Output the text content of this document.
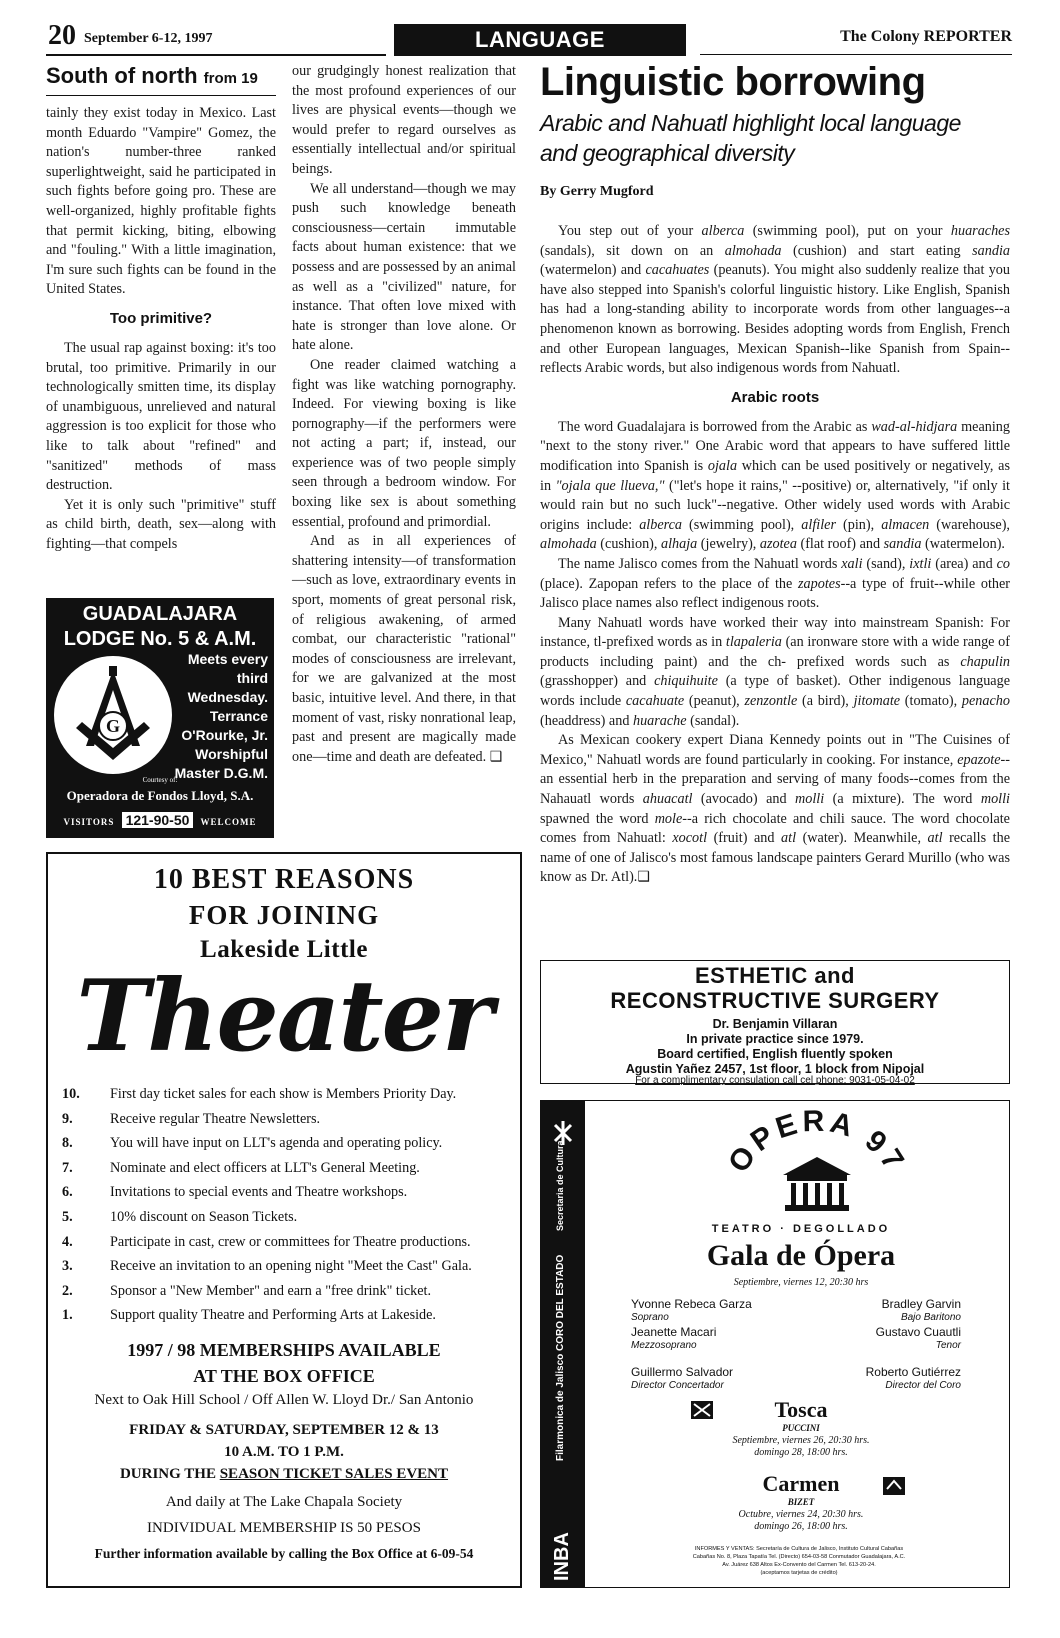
20 September 6-12, 1997	LANGUAGE	The Colony REPORTER
South of north from 19

tainly they exist today in Mexico. Last month Eduardo "Vampire" Gomez, the nation's number-three ranked superlightweight, said he participated in such fights before going pro. These are well-organized, highly profitable fights that permit kicking, biting, elbowing and "fouling." With a little imagination, I'm sure such fights can be found in the United States.

Too primitive?

The usual rap against boxing: it's too brutal, too primitive. Primarily in our technologically smitten time, its display of unambiguous, unrelieved and natural aggression is too explicit for those who like to talk about "refined" and "sanitized" methods of mass destruction.

Yet it is only such "primitive" stuff as child birth, death, sex—along with fighting—that compels

GUADALAJARA
LODGE No. 5 & A.M.
G
Meets every
third
Wednesday.
Terrance
O'Rourke, Jr.
Worshipful
Master D.G.M.
Courtesy of:
Operadora de Fondos Lloyd, S.A.
VISITORS 121-90-50 WELCOME

our grudgingly honest realization that the most profound experiences of our lives are physical events—though we would prefer to regard ourselves as essentially intellectual and/or spiritual beings.

We all understand—though we may push such knowledge beneath consciousness—certain immutable facts about human existence: that we possess and are possessed by an animal as well as a "civilized" nature, for instance. That often love mixed with hate is stronger than love alone. Or hate alone.

One reader claimed watching a fight was like watching pornography. Indeed. For viewing boxing is like pornography—if the performers were not acting a part; if, instead, our experience was of two people simply seen through a bedroom window. For boxing like sex is about something essential, profound and primordial.

And as in all experiences of shattering intensity—of transformation—such as love, extraordinary events in sport, moments of great personal risk, of religious awakening, of armed combat, our characteristic "rational" modes of consciousness are irrelevant, for we are galvanized at the most basic, intuitive level. And there, in that moment of vast, risky nonrational leap, past and present are magically made one—time and death are defeated. ❑

10 BEST REASONS
FOR JOINING
Lakeside Little
Theater
10.	First day ticket sales for each show is Members Priority Day.
9.	Receive regular Theatre Newsletters.
8.	You will have input on LLT's agenda and operating policy.
7.	Nominate and elect officers at LLT's General Meeting.
6.	Invitations to special events and Theatre workshops.
5.	10% discount on Season Tickets.
4.	Participate in cast, crew or committees for Theatre productions.
3.	Receive an invitation to an opening night "Meet the Cast" Gala.
2.	Sponsor a "New Member" and earn a "free drink" ticket.
1.	Support quality Theatre and Performing Arts at Lakeside.
1997 / 98 MEMBERSHIPS AVAILABLE
AT THE BOX OFFICE
Next to Oak Hill School / Off Allen W. Lloyd Dr./ San Antonio
FRIDAY & SATURDAY, SEPTEMBER 12 & 13
10 A.M. TO 1 P.M.
DURING THE SEASON TICKET SALES EVENT
And daily at The Lake Chapala Society
INDIVIDUAL MEMBERSHIP IS 50 PESOS
Further information available by calling the Box Office at 6-09-54
Linguistic borrowing
Arabic and Nahuatl highlight local language and geographical diversity
By Gerry Mugford

You step out of your alberca (swimming pool), put on your huaraches (sandals), sit down on an almohada (cushion) and start eating sandia (watermelon) and cacahuates (peanuts). You might also suddenly realize that you have also stepped into Spanish's colorful linguistic history. Like English, Spanish has had a long-standing ability to incorporate words from other languages--a phenomenon known as borrowing. Besides adopting words from English, French and other European languages, Mexican Spanish--like Spanish from Spain--reflects Arabic words, but also indigenous words from Nahuatl.

Arabic roots

The word Guadalajara is borrowed from the Arabic as wad-al-hidjara meaning "next to the stony river." One Arabic word that appears to have suffered little modification into Spanish is ojala which can be used positively or negatively, as in "ojala que llueva," ("let's hope it rains," --positive) or, alternatively, "if only it would rain but no such luck"--negative. Other widely used words with Arabic origins include: alberca (swimming pool), alfiler (pin), almacen (warehouse), almohada (cushion), alhaja (jewelry), azotea (flat roof) and sandia (watermelon).

The name Jalisco comes from the Nahuatl words xali (sand), ixtli (area) and co (place). Zapopan refers to the place of the zapotes--a type of fruit--while other Jalisco place names also reflect indigenous roots.

Many Nahuatl words have worked their way into mainstream Spanish: For instance, tl-prefixed words as in tlapaleria (an ironware store with a wide range of products including paint) and the ch- prefixed words such as chapulin (grasshopper) and chiquihuite (a type of basket). Other indigenous language words include cacahuate (peanut), zenzontle (a bird), jitomate (tomato), penacho (headdress) and huarache (sandal).

As Mexican cookery expert Diana Kennedy points out in "The Cuisines of Mexico," Nahuatl words are found particularly in cooking. For instance, epazote--an essential herb in the preparation and serving of many foods--comes from the Nahauatl words ahuacatl (avocado) and molli (a mixture). The word molli spawned the word mole--a rich chocolate and chili sauce. The word chocolate comes from Nahuatl: xocotl (fruit) and atl (water). Meanwhile, atl recalls the name of one of Jalisco's most famous landscape painters Gerard Murillo (who was know as Dr. Atl).❑

ESTHETIC and
RECONSTRUCTIVE SURGERY
Dr. Benjamin Villaran
In private practice since 1979.
Board certified, English fluently spoken
Agustin Yañez 2457, 1st floor, 1 block from Nipojal
For a complimentary consulation call cel phone: 9031-05-04-02
INBA
Filarmonica de Jalisco
CORO DEL ESTADO
Secretaria de Cultura	OPERA 97
TEATRO · DEGOLLADO
Gala de Ópera
Septiembre, viernes 12, 20:30 hrs
Yvonne Rebeca Garza
Soprano
Bradley Garvin
Bajo Baritono
Jeanette Macari
Mezzosoprano
Gustavo Cuautli
Tenor
Guillermo Salvador
Director Concertador
Roberto Gutiérrez
Director del Coro
Tosca
PUCCINI
Septiembre, viernes 26, 20:30 hrs.
domingo 28, 18:00 hrs.
Carmen
BIZET
Octubre, viernes 24, 20:30 hrs.
domingo 26, 18:00 hrs.
INFORMES Y VENTAS: Secretaría de Cultura de Jalisco, Instituto Cultural Cabañas
Cabañas No. 8, Plaza Tapatía Tel. (Directo) 654-03-58 Conmutador Guadalajara, A.C.
Av. Juárez 638 Altos Ex-Convento del Carmen Tel. 613-20-24.
(aceptamos tarjetas de crédito)
